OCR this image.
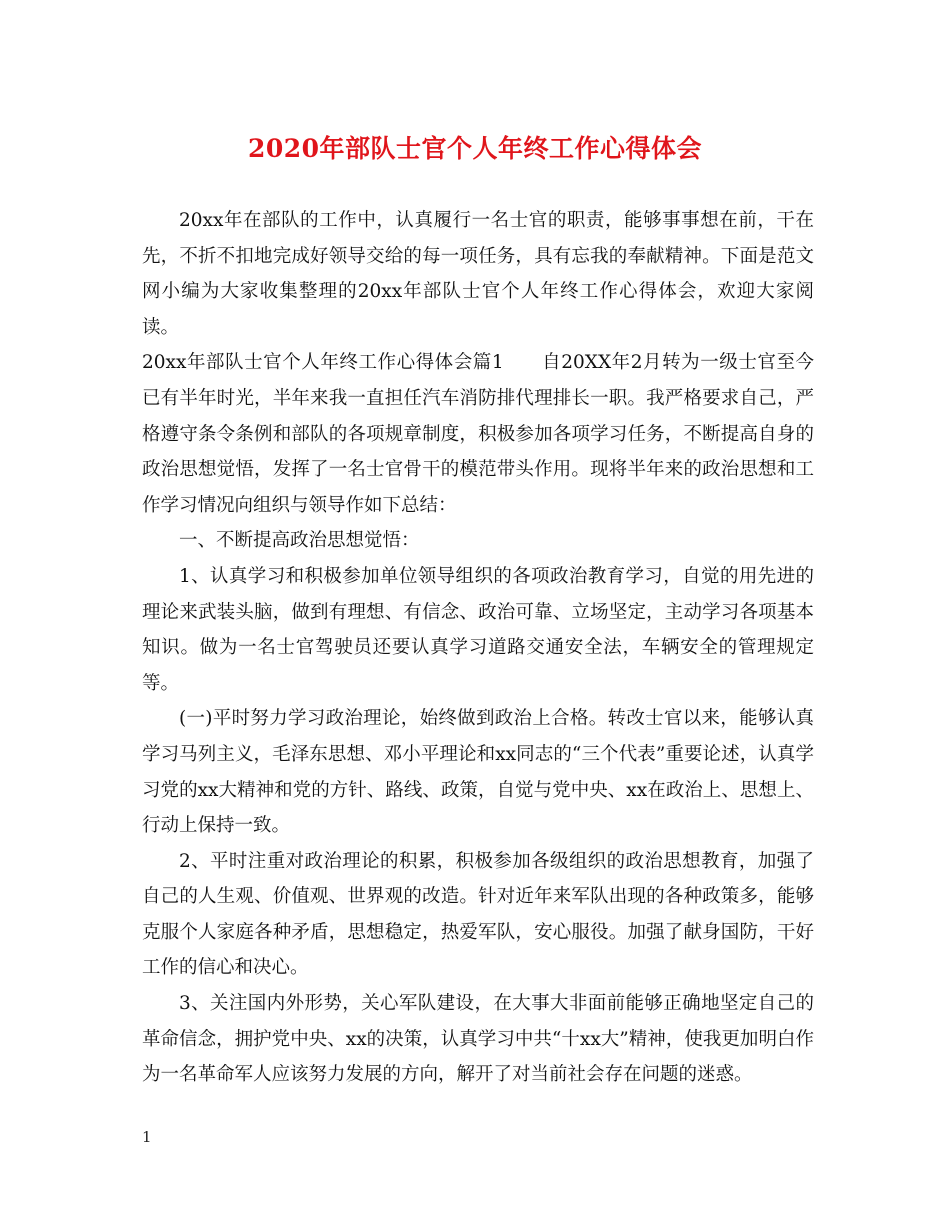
2020年部队士官个人年终工作心得体会

20xx年在部队的工作中，认真履行一名士官的职责，能够事事想在前，干在先，不折不扣地完成好领导交给的每一项任务，具有忘我的奉献精神。下面是范文网小编为大家收集整理的20xx年部队士官个人年终工作心得体会，欢迎大家阅读。

20xx年部队士官个人年终工作心得体会篇1 自20XX年2月转为一级士官至今已有半年时光，半年来我一直担任汽车消防排代理排长一职。我严格要求自己，严格遵守条令条例和部队的各项规章制度，积极参加各项学习任务，不断提高自身的政治思想觉悟，发挥了一名士官骨干的模范带头作用。现将半年来的政治思想和工作学习情况向组织与领导作如下总结：

一、不断提高政治思想觉悟：

1、认真学习和积极参加单位领导组织的各项政治教育学习，自觉的用先进的理论来武装头脑，做到有理想、有信念、政治可靠、立场坚定，主动学习各项基本知识。做为一名士官驾驶员还要认真学习道路交通安全法，车辆安全的管理规定等。

(一)平时努力学习政治理论，始终做到政治上合格。转改士官以来，能够认真学习马列主义，毛泽东思想、邓小平理论和xx同志的“三个代表”重要论述，认真学习党的xx大精神和党的方针、路线、政策，自觉与党中央、xx在政治上、思想上、行动上保持一致。

2、平时注重对政治理论的积累，积极参加各级组织的政治思想教育，加强了自己的人生观、价值观、世界观的改造。针对近年来军队出现的各种政策多，能够克服个人家庭各种矛盾，思想稳定，热爱军队，安心服役。加强了献身国防，干好工作的信心和决心。

3、关注国内外形势，关心军队建设，在大事大非面前能够正确地坚定自己的革命信念，拥护党中央、xx的决策，认真学习中共“十xx大”精神，使我更加明白作为一名革命军人应该努力发展的方向，解开了对当前社会存在问题的迷惑。

1
